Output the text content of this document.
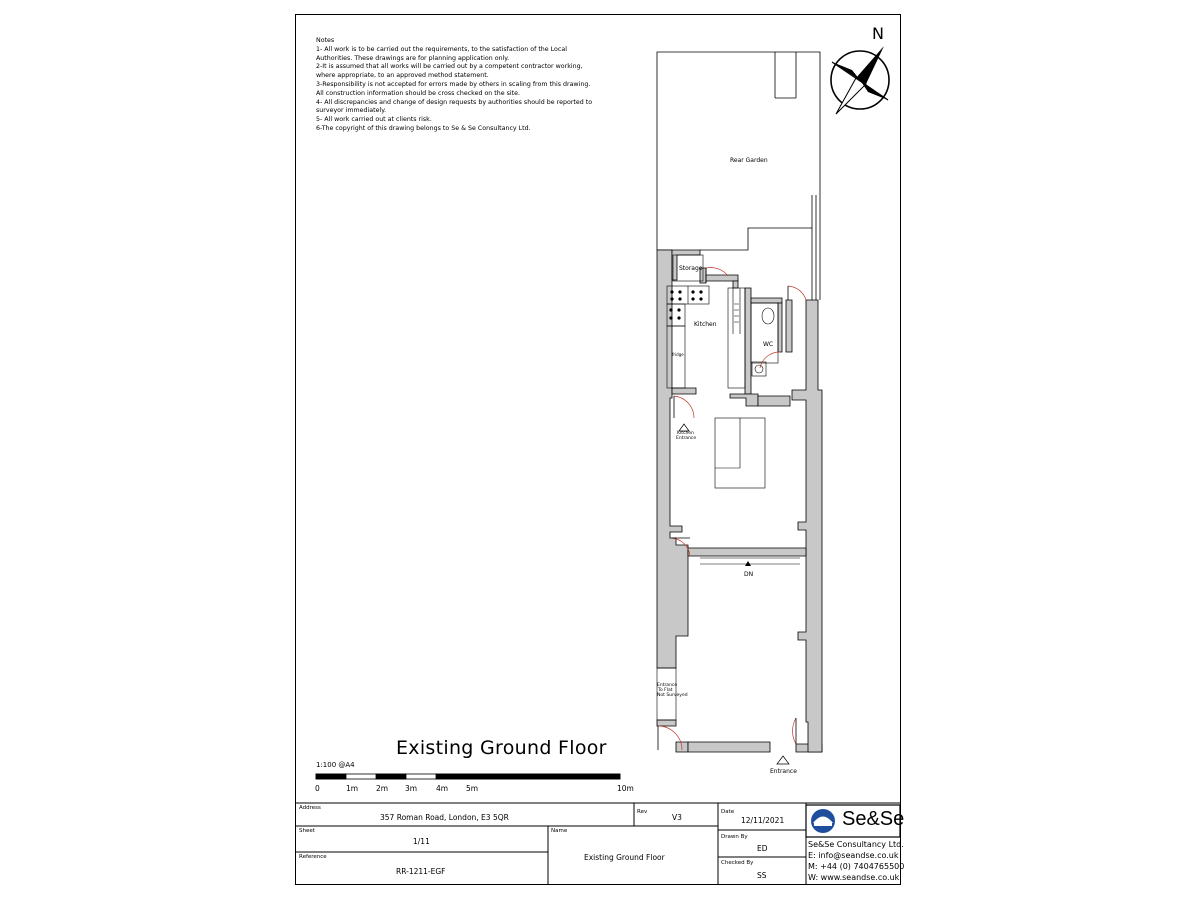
Notes
1- All work is to be carried out the requirements, to the satisfaction of the Local
Authorities. These drawings are for planning application only.
2-It is assumed that all works will be carried out by a competent contractor working,
where appropriate, to an approved method statement.
3-Responsibility is not accepted for errors made by others in scaling from this drawing.
All construction information should be cross checked on the site.
4- All discrepancies and change of design requests by authorities should be reported to
surveyor immediately.
5- All work carried out at clients risk.
6-The copyright of this drawing belongs to Se & Se Consultancy Ltd.
Rear Garden
Storage
Kitchen
fridge
WC
Kitchen
Entrance
DN
Entrance
To Flat
Not Surveyed
Entrance
N
Existing Ground Floor
1:100 @A4
0	1m 2m 3m	4m 5m	10m
Address
357 Roman Road, London, E3 5QR
Rev
V3
Date
12/11/2021
Sheet
1/11
Name
Existing Ground Floor
Drawn By
ED
Reference
RR-1211-EGF
Checked By
SS
Se&Se
Se&Se Consultancy Ltd.
E: info@seandse.co.uk
M: +44 (0) 7404765500
W: www.seandse.co.uk
